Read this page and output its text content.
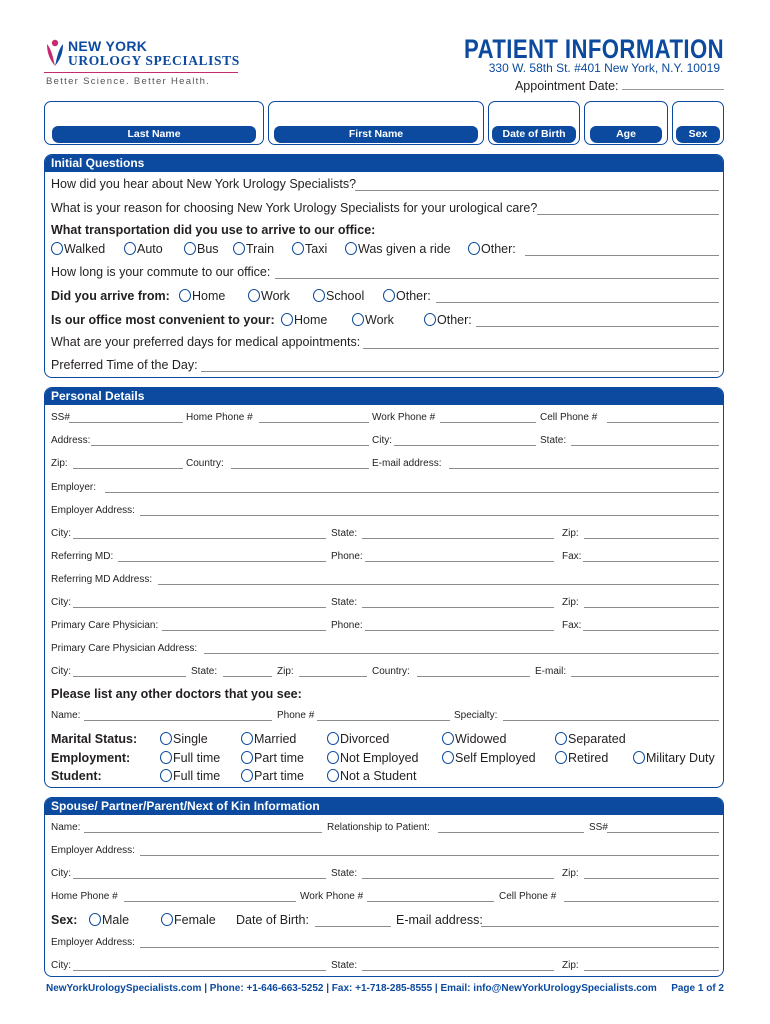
NEW YORK
UROLOGY SPECIALISTS
Better Science. Better Health.
PATIENT INFORMATION
330 W. 58th St. #401 New York, N.Y. 10019
Appointment Date:
Last Name	First Name	Date of Birth	Age	Sex
Initial Questions
How did you hear about New York Urology Specialists?
What is your reason for choosing New York Urology Specialists for your urological care?
What transportation did you use to arrive to our office:
Walked	Auto	Bus	Train	Taxi	Was given a ride	Other:
How long is your commute to our office:
Did you arrive from:	Home	Work	School	Other:
Is our office most convenient to your:	Home	Work	Other:
What are your preferred days for medical appointments:
Preferred Time of the Day:
Personal Details
SS#	Home Phone #	Work Phone #	Cell Phone #
Address:	City:	State:
Zip:	Country:	E-mail address:
Employer:
Employer Address:
City:	State:	Zip:
Referring MD:	Phone:	Fax:
Referring MD Address:
City:	State:	Zip:
Primary Care Physician:	Phone:	Fax:
Primary Care Physician Address:
City:	State:	Zip:	Country:	E-mail:
Please list any other doctors that you see:
Name:	Phone #	Specialty:
Marital Status:	Single	Married	Divorced	Widowed	Separated
Employment:	Full time	Part time	Not Employed	Self Employed	Retired	Military Duty
Student:	Full time	Part time	Not a Student
Spouse/ Partner/Parent/Next of Kin Information
Name:	Relationship to Patient:	SS#
Employer Address:
City:	State:	Zip:
Home Phone #	Work Phone #	Cell Phone #
Sex:	Male	Female Date of Birth:	E-mail address:
Employer Address:
City:	State:	Zip:
NewYorkUrologySpecialists.com | Phone: +1-646-663-5252 | Fax: +1-718-285-8555 | Email: info@NewYorkUrologySpecialists.com Page 1 of 2
